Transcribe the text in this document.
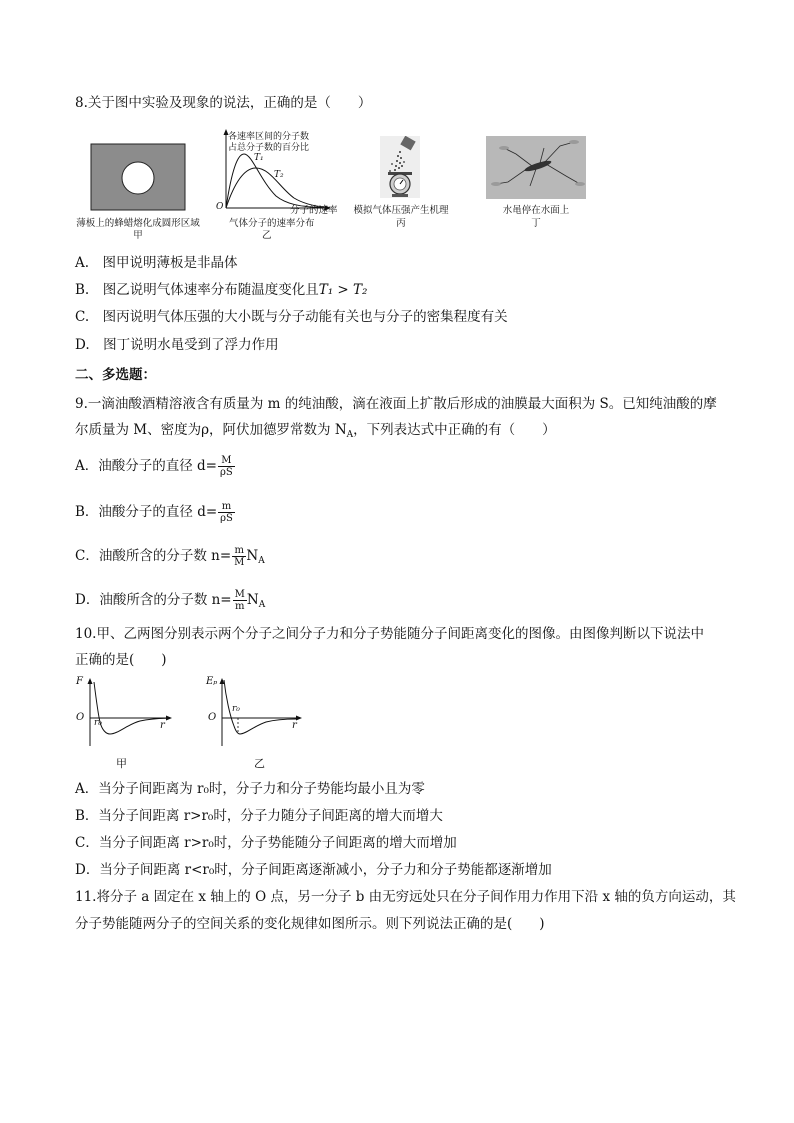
8.关于图中实验及现象的说法，正确的是（　　）
薄板上的蜂蜡熔化成圆形区域
甲
各速率区间的分子数
占总分子数的百分比
T₁
T₂
O	分子的速率
气体分子的速率分布
乙
模拟气体压强产生机理
丙
水黾停在水面上
丁
A.　图甲说明薄板是非晶体
B.　图乙说明气体速率分布随温度变化且T₁ > T₂
C.　图丙说明气体压强的大小既与分子动能有关也与分子的密集程度有关
D.　图丁说明水黾受到了浮力作用
二、多选题：
9.一滴油酸酒精溶液含有质量为 m 的纯油酸，滴在液面上扩散后形成的油膜最大面积为 S。已知纯油酸的摩
尔质量为 M、密度为ρ，阿伏加德罗常数为 $N_A$，下列表达式中正确的有（　　）
A．油酸分子的直径 $d= \frac{M}{\rho S}$
B．油酸分子的直径 $d= \frac{m}{\rho S}$
C．油酸所含的分子数 $n= \frac{m}{M} N_A$
D．油酸所含的分子数 $n= \frac{M}{m} N_A$
10.甲、乙两图分别表示两个分子之间分子力和分子势能随分子间距离变化的图像。由图像判断以下说法中
正确的是(　　)
F
O r₀	r
甲
Eₚ
O
r₀
r
乙
A．当分子间距离为 r₀时，分子力和分子势能均最小且为零
B．当分子间距离 r>r₀时，分子力随分子间距离的增大而增大
C．当分子间距离 r>r₀时，分子势能随分子间距离的增大而增加
D．当分子间距离 r<r₀时，分子间距离逐渐减小，分子力和分子势能都逐渐增加
11.将分子 a 固定在 x 轴上的 O 点，另一分子 b 由无穷远处只在分子间作用力作用下沿 x 轴的负方向运动，其
分子势能随两分子的空间关系的变化规律如图所示。则下列说法正确的是(　　)
